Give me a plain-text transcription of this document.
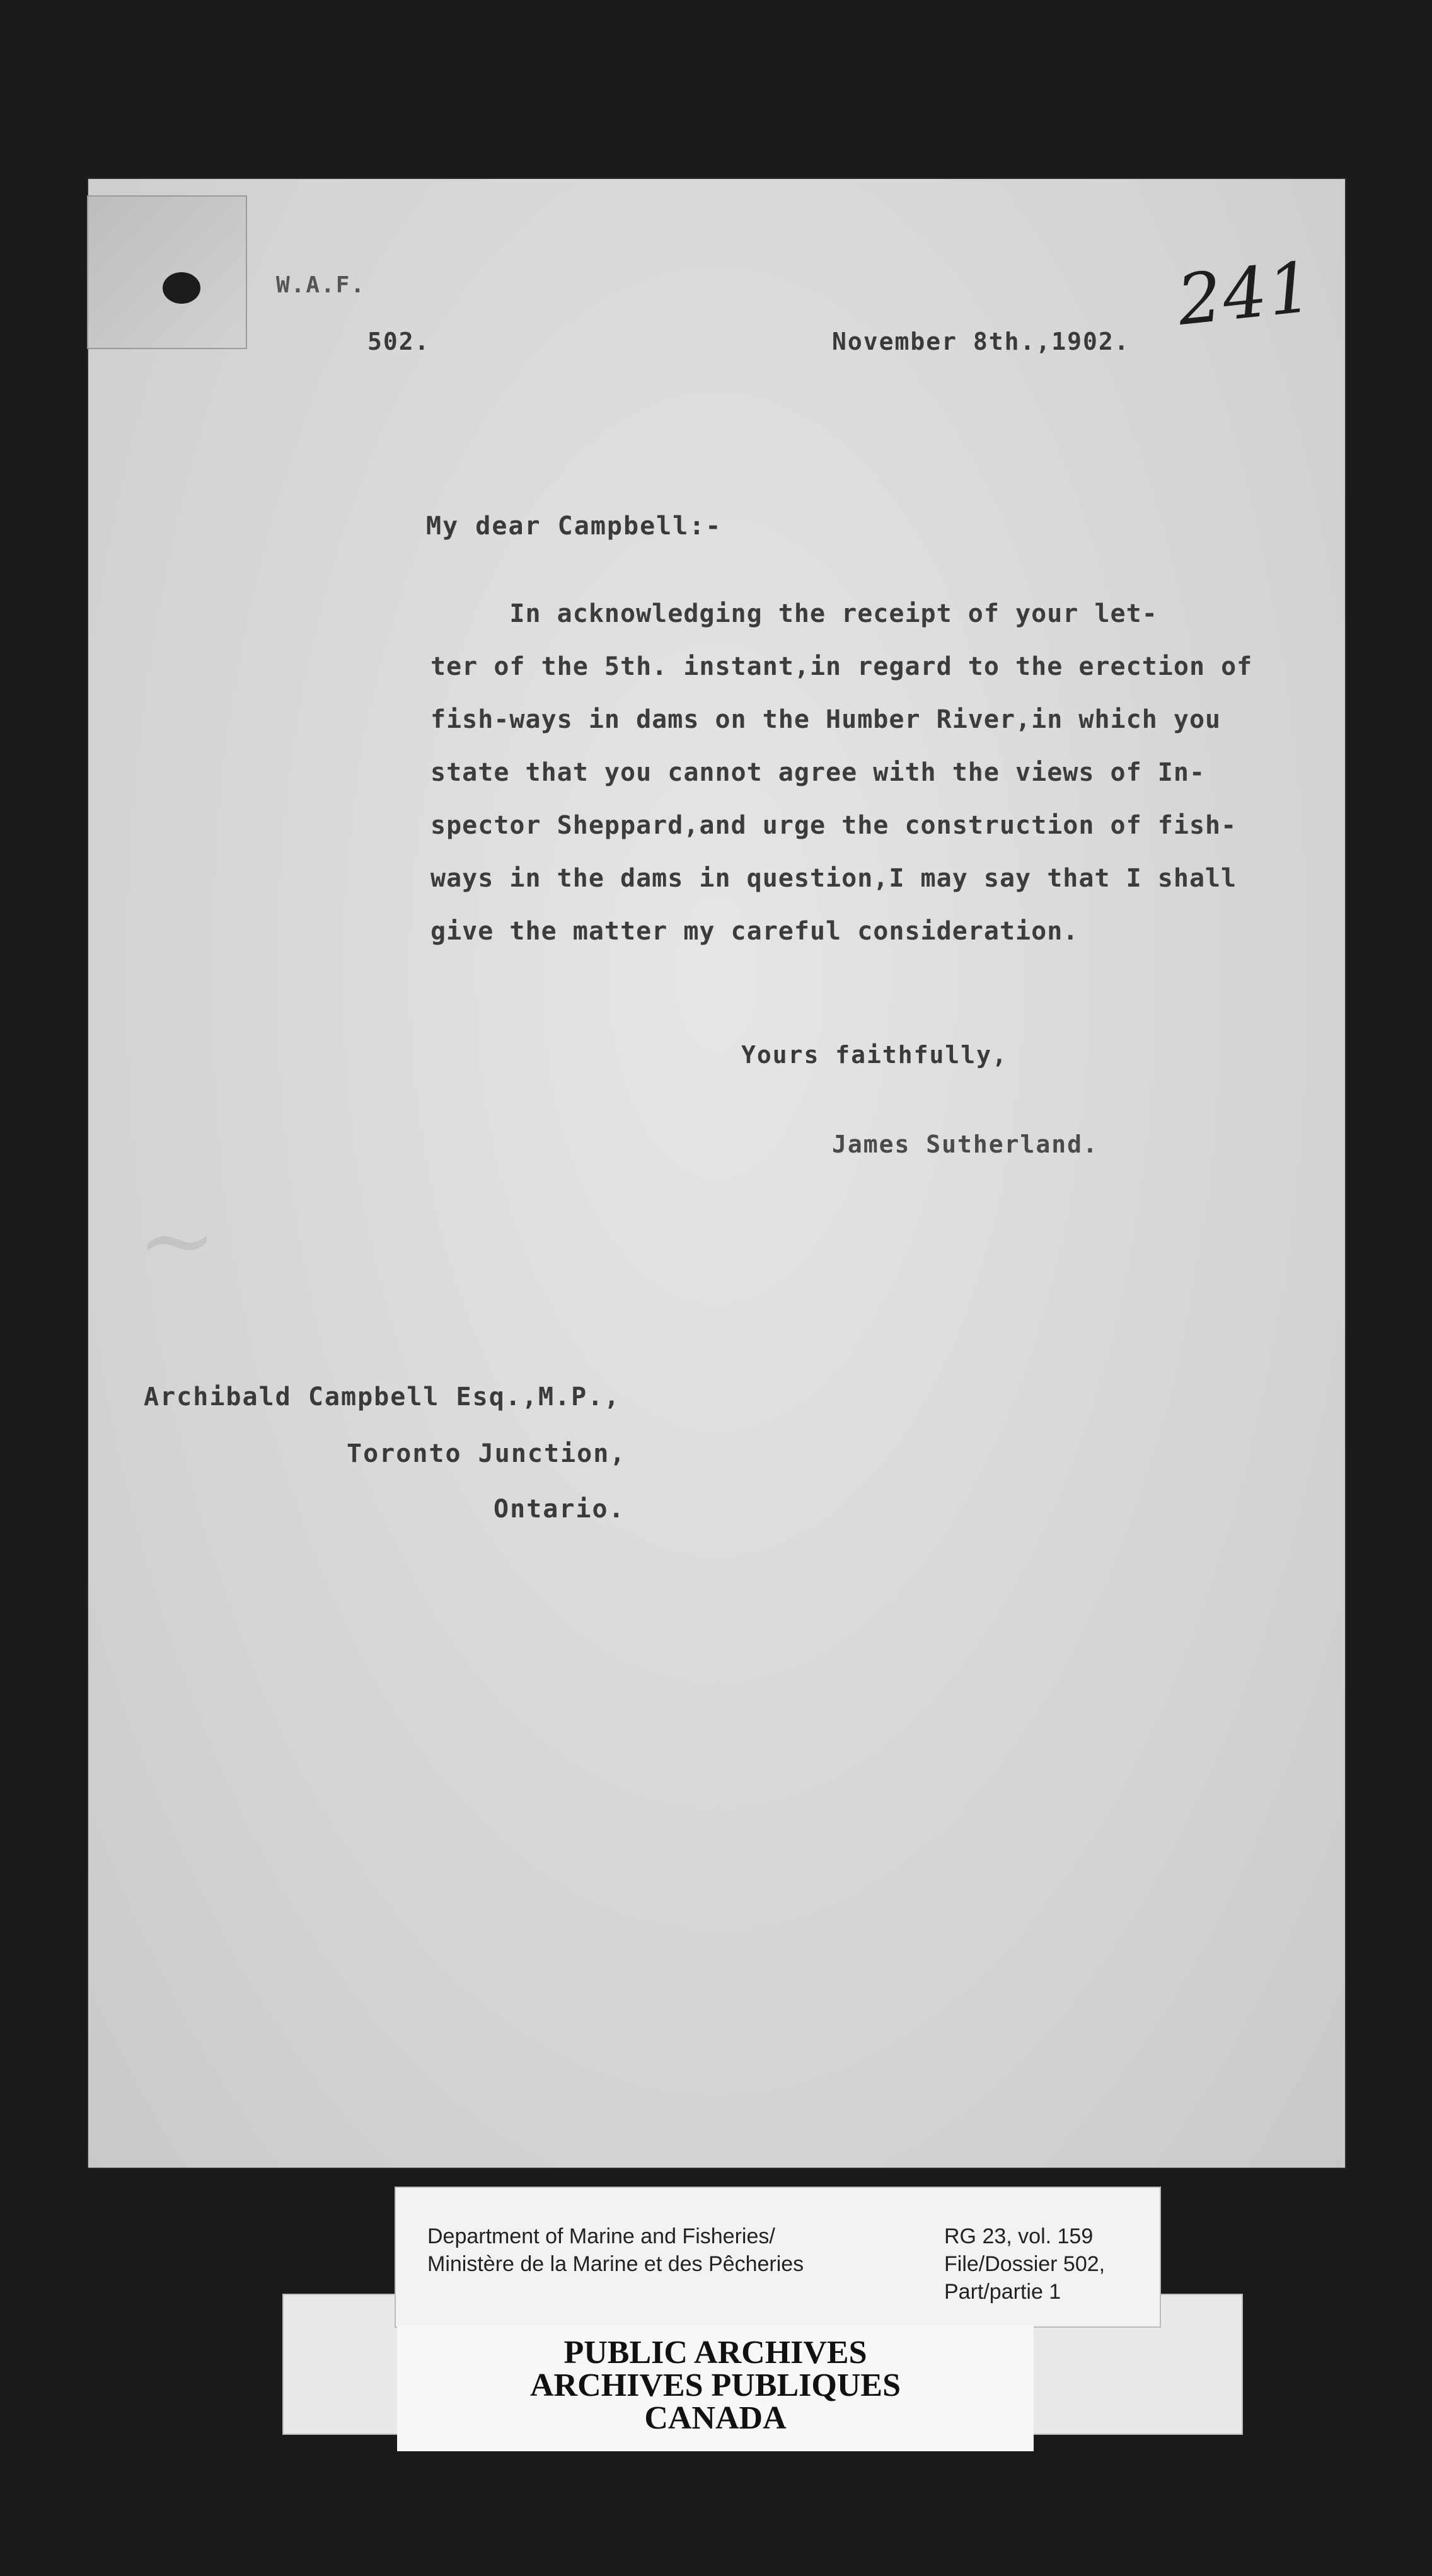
~
W.A.F.
502.	November 8th.,1902.
241
My dear Campbell:-
In acknowledging the receipt of your let-
ter of the 5th. instant,in regard to the erection of
fish-ways in dams on the Humber River,in which you
state that you cannot agree with the views of In-
spector Sheppard,and urge the construction of fish-
ways in the dams in question,I may say that I shall
give the matter my careful consideration.
Yours faithfully,
James Sutherland.
Archibald Campbell Esq.,M.P.,
Toronto Junction,
Ontario.
Department of Marine and Fisheries/
Ministère de la Marine et des Pêcheries
RG 23, vol. 159
File/Dossier 502,
Part/partie 1
PUBLIC ARCHIVES
ARCHIVES PUBLIQUES
CANADA
